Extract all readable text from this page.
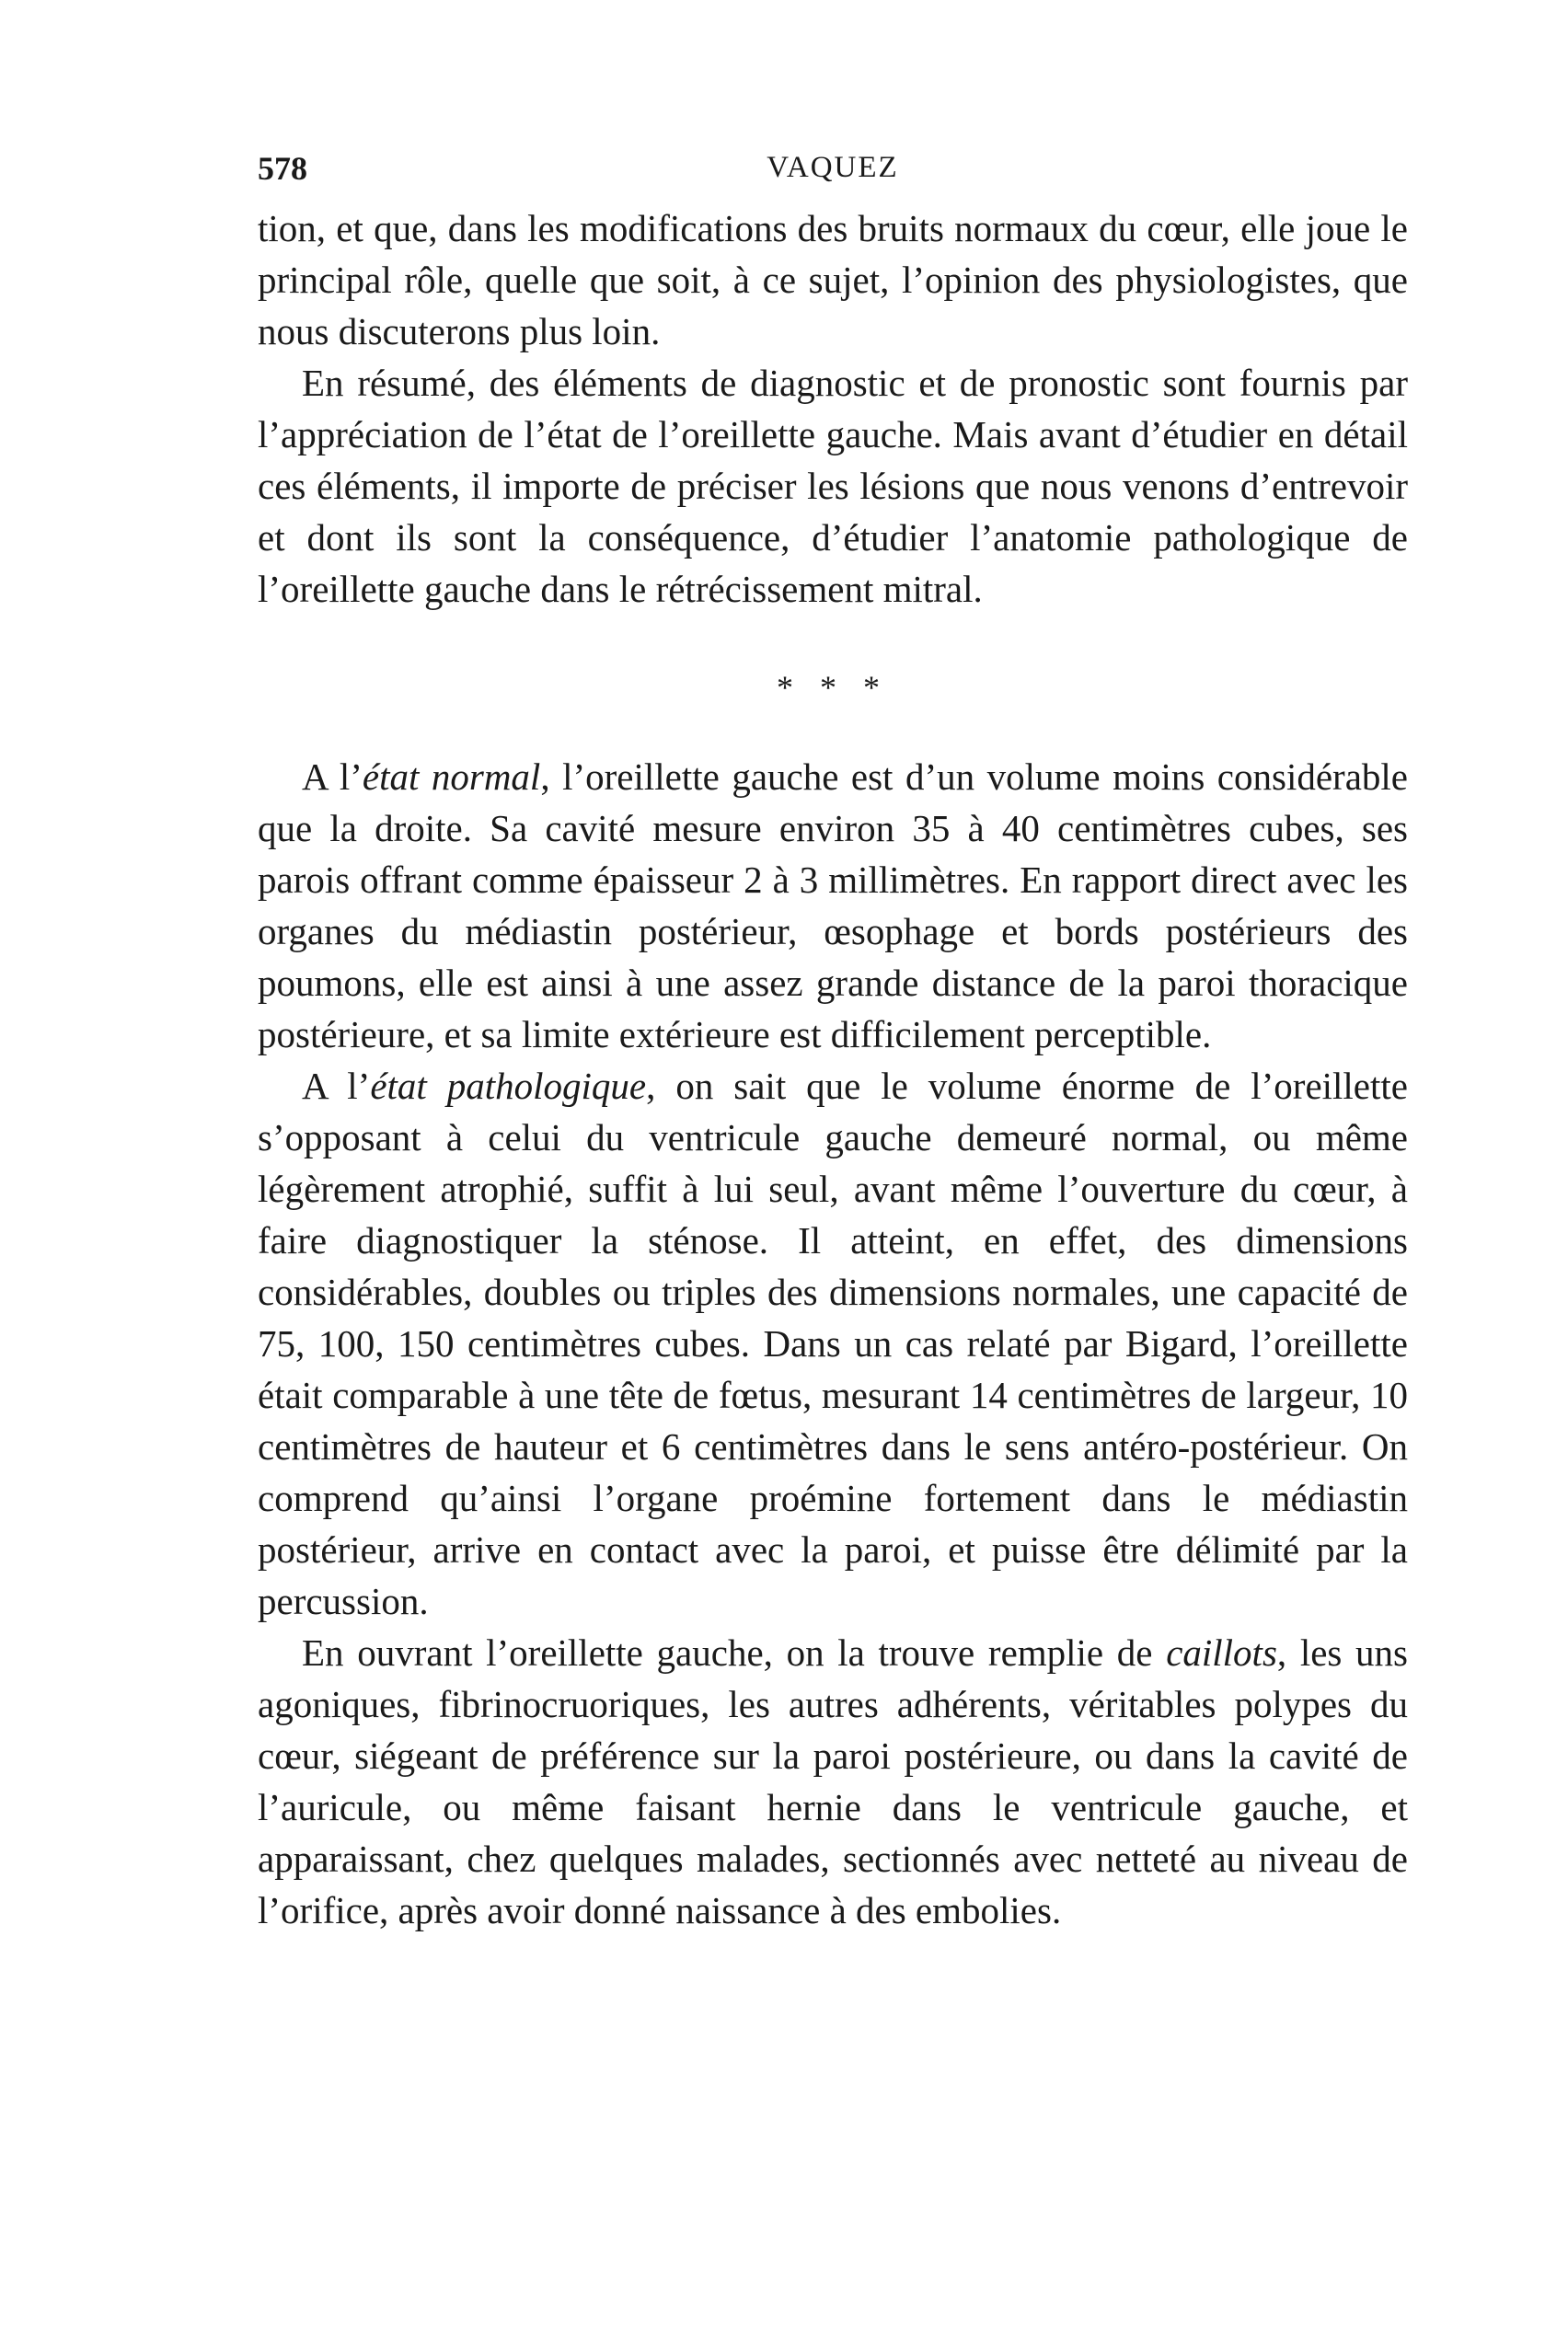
578	VAQUEZ

tion, et que, dans les modifications des bruits normaux du cœur, elle joue le principal rôle, quelle que soit, à ce sujet, l’opinion des physiologistes, que nous discuterons plus loin.

En résumé, des éléments de diagnostic et de pronostic sont fournis par l’appréciation de l’état de l’oreillette gauche. Mais avant d’étudier en détail ces éléments, il importe de préciser les lésions que nous venons d’entrevoir et dont ils sont la conséquence, d’étudier l’anatomie pathologique de l’oreillette gauche dans le rétrécissement mitral.

* * *

A l’état normal, l’oreillette gauche est d’un volume moins considérable que la droite. Sa cavité mesure environ 35 à 40 centimètres cubes, ses parois offrant comme épaisseur 2 à 3 millimètres. En rapport direct avec les organes du médiastin postérieur, œsophage et bords postérieurs des poumons, elle est ainsi à une assez grande distance de la paroi thoracique postérieure, et sa limite extérieure est difficilement perceptible.

A l’état pathologique, on sait que le volume énorme de l’oreillette s’opposant à celui du ventricule gauche demeuré normal, ou même légèrement atrophié, suffit à lui seul, avant même l’ouverture du cœur, à faire diagnostiquer la sténose. Il atteint, en effet, des dimensions considérables, doubles ou triples des dimensions normales, une capacité de 75, 100, 150 centimètres cubes. Dans un cas relaté par Bigard, l’oreillette était comparable à une tête de fœtus, mesurant 14 centimètres de largeur, 10 centimètres de hauteur et 6 centimètres dans le sens antéro-postérieur. On comprend qu’ainsi l’organe proémine fortement dans le médiastin postérieur, arrive en contact avec la paroi, et puisse être délimité par la percussion.

En ouvrant l’oreillette gauche, on la trouve remplie de caillots, les uns agoniques, fibrinocruoriques, les autres adhérents, véritables polypes du cœur, siégeant de préférence sur la paroi postérieure, ou dans la cavité de l’auricule, ou même faisant hernie dans le ventricule gauche, et apparaissant, chez quelques malades, sectionnés avec netteté au niveau de l’orifice, après avoir donné naissance à des embolies.
